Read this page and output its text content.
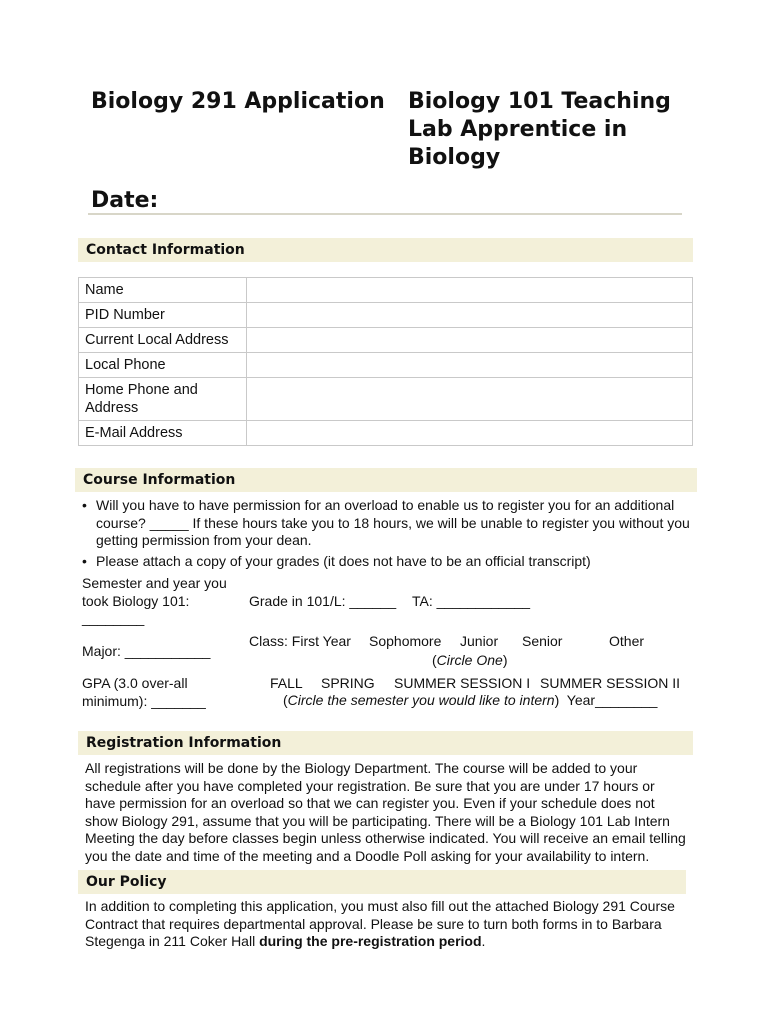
Biology 291 Application Biology 101 Teaching
Lab Apprentice in
Biology
Date:
Contact Information
Name	
PID Number	
Current Local Address	
Local Phone	
Home Phone and Address	
E-Mail Address	
Course Information
• Will you have to have permission for an overload to enable us to register you for an additional
course? _____ If these hours take you to 18 hours, we will be unable to register you without you
getting permission from your dean.
• Please attach a copy of your grades (it does not have to be an official transcript)
Semester and year you
took Biology 101:
________
Grade in 101/L: ______ TA: ____________
Major: ___________
Class: First Year Sophomore Junior Senior	Other
(Circle One)
GPA (3.0 over-all
minimum): _______
FALL SPRING SUMMER SESSION I SUMMER SESSION II
(Circle the semester you would like to intern)  Year________
Registration Information
All registrations will be done by the Biology Department. The course will be added to your
schedule after you have completed your registration. Be sure that you are under 17 hours or
have permission for an overload so that we can register you. Even if your schedule does not
show Biology 291, assume that you will be participating. There will be a Biology 101 Lab Intern
Meeting the day before classes begin unless otherwise indicated. You will receive an email telling
you the date and time of the meeting and a Doodle Poll asking for your availability to intern.
Our Policy
In addition to completing this application, you must also fill out the attached Biology 291 Course
Contract that requires departmental approval. Please be sure to turn both forms in to Barbara
Stegenga in 211 Coker Hall during the pre-registration period.
